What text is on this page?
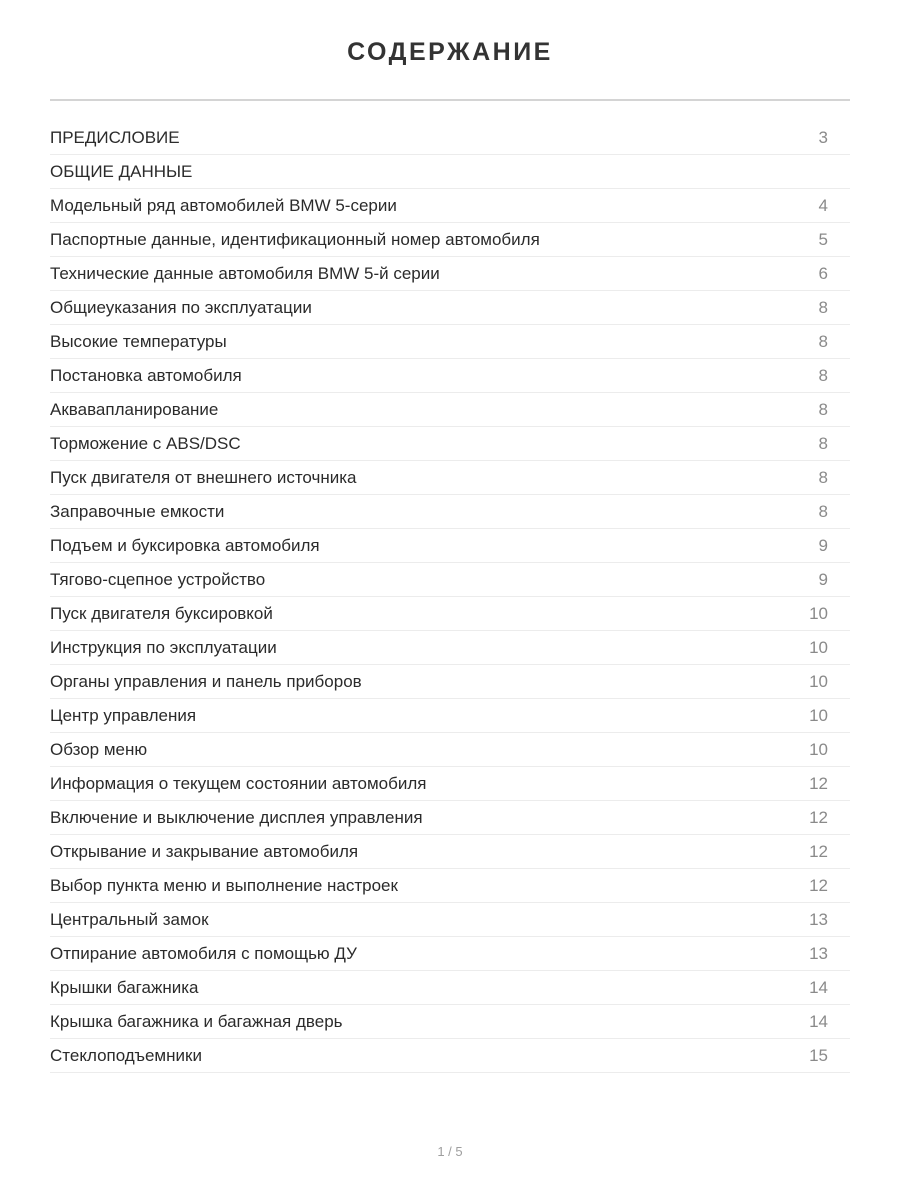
СОДЕРЖАНИЕ
ПРЕДИСЛОВИЕ	3
ОБЩИЕ ДАННЫЕ
Модельный ряд автомобилей BMW 5-серии	4
Паспортные данные, идентификационный номер автомобиля	5
Технические данные автомобиля BMW 5-й серии	6
Общиеуказания по эксплуатации	8
Высокие температуры	8
Постановка автомобиля	8
Аквавапланирование	8
Торможение с ABS/DSC	8
Пуск двигателя от внешнего источника	8
Заправочные емкости	8
Подъем и буксировка автомобиля	9
Тягово-сцепное устройство	9
Пуск двигателя буксировкой	10
Инструкция по эксплуатации	10
Органы управления и панель приборов	10
Центр управления	10
Обзор меню	10
Информация о текущем состоянии автомобиля	12
Включение и выключение дисплея управления	12
Открывание и закрывание автомобиля	12
Выбор пункта меню и выполнение настроек	12
Центральный замок	13
Отпирание автомобиля с помощью ДУ	13
Крышки багажника	14
Крышка багажника и багажная дверь	14
Стеклоподъемники	15
1 / 5
